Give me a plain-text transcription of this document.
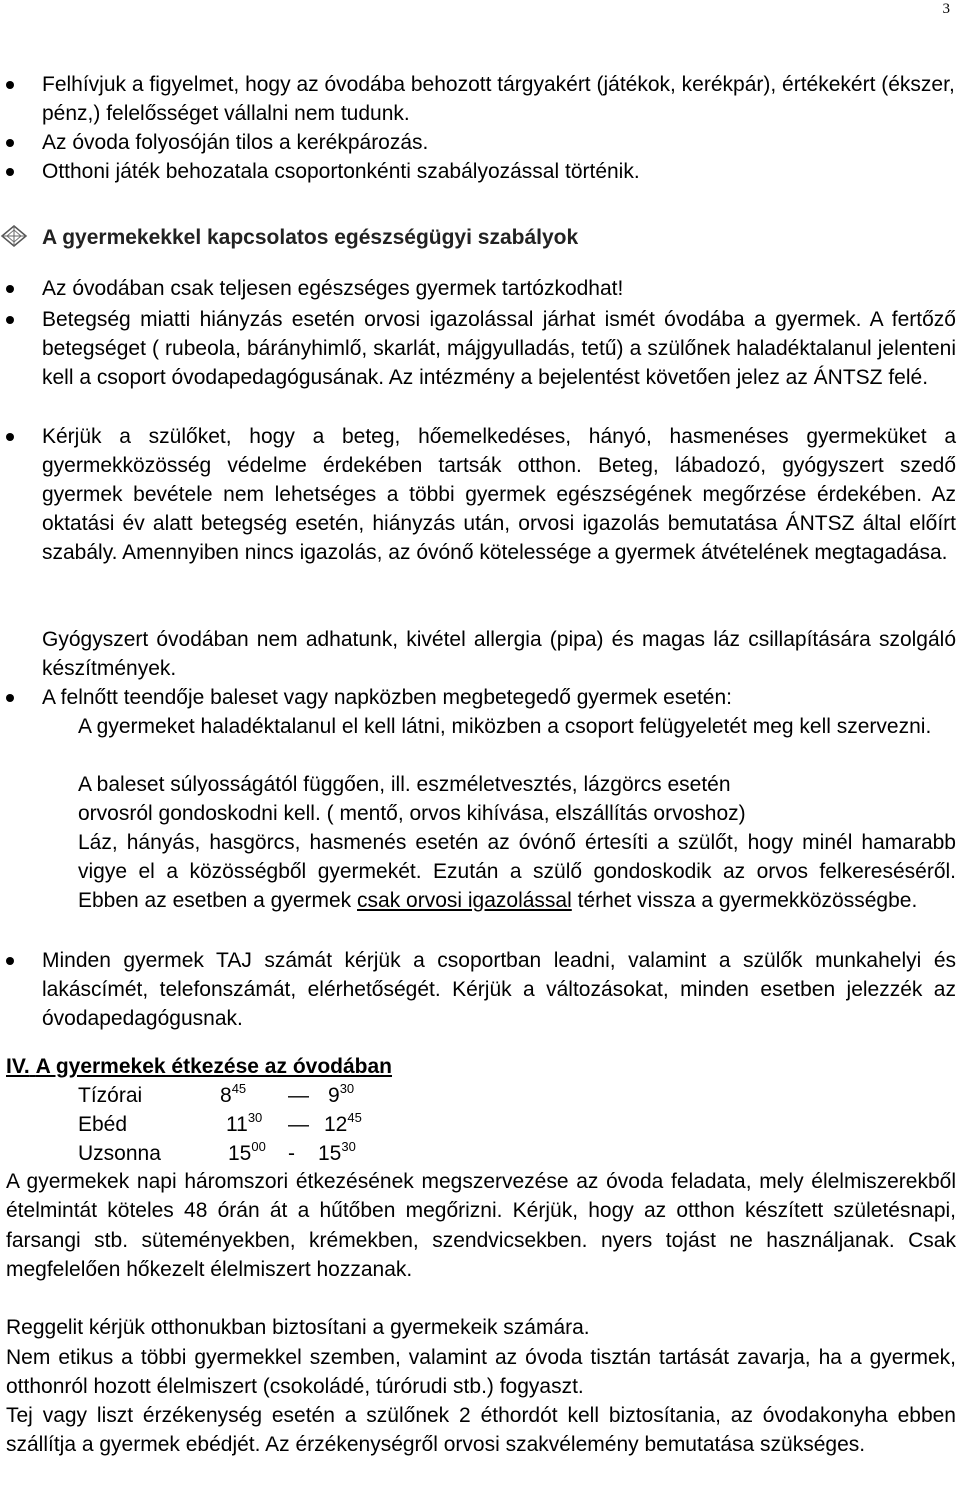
3
Felhívjuk a figyelmet, hogy az óvodába behozott tárgyakért (játékok, kerékpár), értékekért (ékszer, pénz,) felelősséget vállalni nem tudunk.
Az óvoda folyosóján tilos a kerékpározás.
Otthoni játék behozatala csoportonkénti szabályozással történik.
A gyermekekkel kapcsolatos egészségügyi szabályok
Az óvodában csak teljesen egészséges gyermek tartózkodhat!
Betegség miatti hiányzás esetén orvosi igazolással járhat ismét óvodába a gyermek. A fertőző betegséget ( rubeola, bárányhimlő, skarlát, májgyulladás, tetű) a szülőnek haladéktalanul jelenteni kell a csoport óvodapedagógusának. Az intézmény a bejelentést követően jelez az ÁNTSZ felé.
Kérjük a szülőket, hogy a beteg, hőemelkedéses, hányó, hasmenéses gyermeküket a gyermekközösség védelme érdekében tartsák otthon. Beteg, lábadozó, gyógyszert szedő gyermek bevétele nem lehetséges a többi gyermek egészségének megőrzése érdekében. Az oktatási év alatt betegség esetén, hiányzás után, orvosi igazolás bemutatása ÁNTSZ által előírt szabály. Amennyiben nincs igazolás, az óvónő kötelessége a gyermek átvételének megtagadása.
Gyógyszert óvodában nem adhatunk, kivétel allergia (pipa) és magas láz csillapítására szolgáló készítmények.
A felnőtt teendője baleset vagy napközben megbetegedő gyermek esetén:
A gyermeket haladéktalanul el kell látni, miközben a csoport felügyeletét meg kell szervezni.
A baleset súlyosságától függően, ill. eszméletvesztés, lázgörcs esetén
orvosról gondoskodni kell. ( mentő, orvos kihívása, elszállítás orvoshoz)
Láz, hányás, hasgörcs, hasmenés esetén az óvónő értesíti a szülőt, hogy minél hamarabb vigye el a közösségből gyermekét. Ezután a szülő gondoskodik az orvos felkereséséről. Ebben az esetben a gyermek csak orvosi igazolással térhet vissza a gyermekközösségbe.
Minden gyermek TAJ számát kérjük a csoportban leadni, valamint a szülők munkahelyi és lakáscímét, telefonszámát, elérhetőségét. Kérjük a változásokat, minden esetben jelezzék az óvodapedagógusnak.
IV. A gyermekek étkezése az óvodában
Tízórai	$8^{45}$ — $9^{30}$
Ebéd	$11^{30}$ — $12^{45}$
Uzsonna	$15^{00} - 15^{30}$
A gyermekek napi háromszori étkezésének megszervezése az óvoda feladata, mely élelmiszerekből ételmintát köteles 48 órán át a hűtőben megőrizni. Kérjük, hogy az otthon készített születésnapi, farsangi stb. süteményekben, krémekben, szendvicsekben. nyers tojást ne használjanak. Csak megfelelően hőkezelt élelmiszert hozzanak.
Reggelit kérjük otthonukban biztosítani a gyermekeik számára.
Nem etikus a többi gyermekkel szemben, valamint az óvoda tisztán tartását zavarja, ha a gyermek, otthonról hozott élelmiszert (csokoládé, túrórudi stb.) fogyaszt.
Tej vagy liszt érzékenység esetén a szülőnek 2 éthordót kell biztosítania, az óvodakonyha ebben szállítja a gyermek ebédjét. Az érzékenységről orvosi szakvélemény bemutatása szükséges.
